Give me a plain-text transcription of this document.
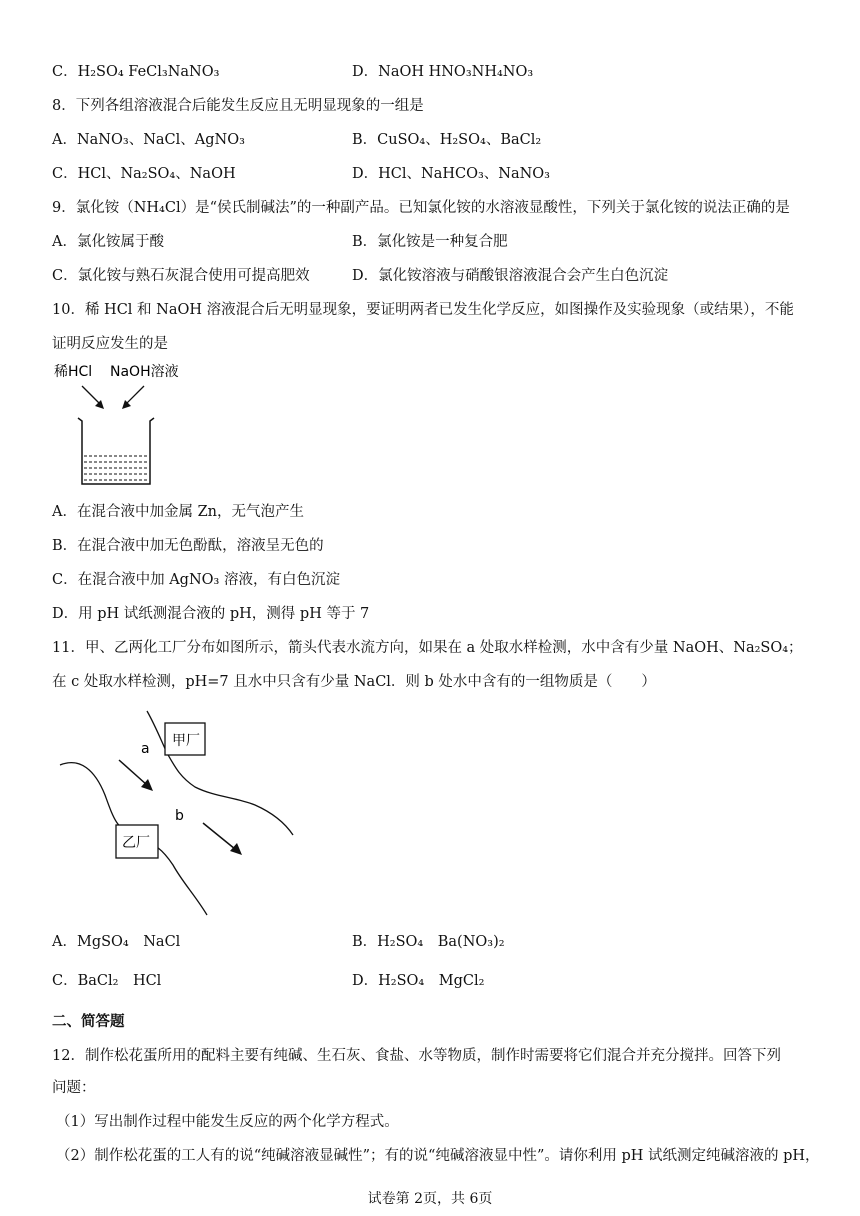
C．H₂SO₄ FeCl₃NaNO₃	D．NaOH HNO₃NH₄NO₃
8．下列各组溶液混合后能发生反应且无明显现象的一组是
A．NaNO₃、NaCl、AgNO₃	B．CuSO₄、H₂SO₄、BaCl₂
C．HCl、Na₂SO₄、NaOH	D．HCl、NaHCO₃、NaNO₃
9．氯化铵（NH₄Cl）是“侯氏制碱法”的一种副产品。已知氯化铵的水溶液显酸性，下列关于氯化铵的说法正确的是
A．氯化铵属于酸	B．氯化铵是一种复合肥
C．氯化铵与熟石灰混合使用可提高肥效	D．氯化铵溶液与硝酸银溶液混合会产生白色沉淀
10．稀 HCl 和 NaOH 溶液混合后无明显现象，要证明两者已发生化学反应，如图操作及实验现象（或结果），不能
证明反应发生的是
稀HCl NaOH溶液
A．在混合液中加金属 Zn，无气泡产生
B．在混合液中加无色酚酞，溶液呈无色的
C．在混合液中加 AgNO₃ 溶液，有白色沉淀
D．用 pH 试纸测混合液的 pH，测得 pH 等于 7
11．甲、乙两化工厂分布如图所示，箭头代表水流方向，如果在 a 处取水样检测，水中含有少量 NaOH、Na₂SO₄；
在 c 处取水样检测，pH=7 且水中只含有少量 NaCl．则 b 处水中含有的一组物质是（　　）
甲厂
乙厂
a
b
A．MgSO₄　NaCl	B．H₂SO₄　Ba(NO₃)₂
C．BaCl₂　HCl	D．H₂SO₄　MgCl₂
二、简答题
12．制作松花蛋所用的配料主要有纯碱、生石灰、食盐、水等物质，制作时需要将它们混合并充分搅拌。回答下列
问题：
（1）写出制作过程中能发生反应的两个化学方程式。
（2）制作松花蛋的工人有的说“纯碱溶液显碱性”；有的说“纯碱溶液显中性”。请你利用 pH 试纸测定纯碱溶液的 pH，
试卷第 2页，共 6页
